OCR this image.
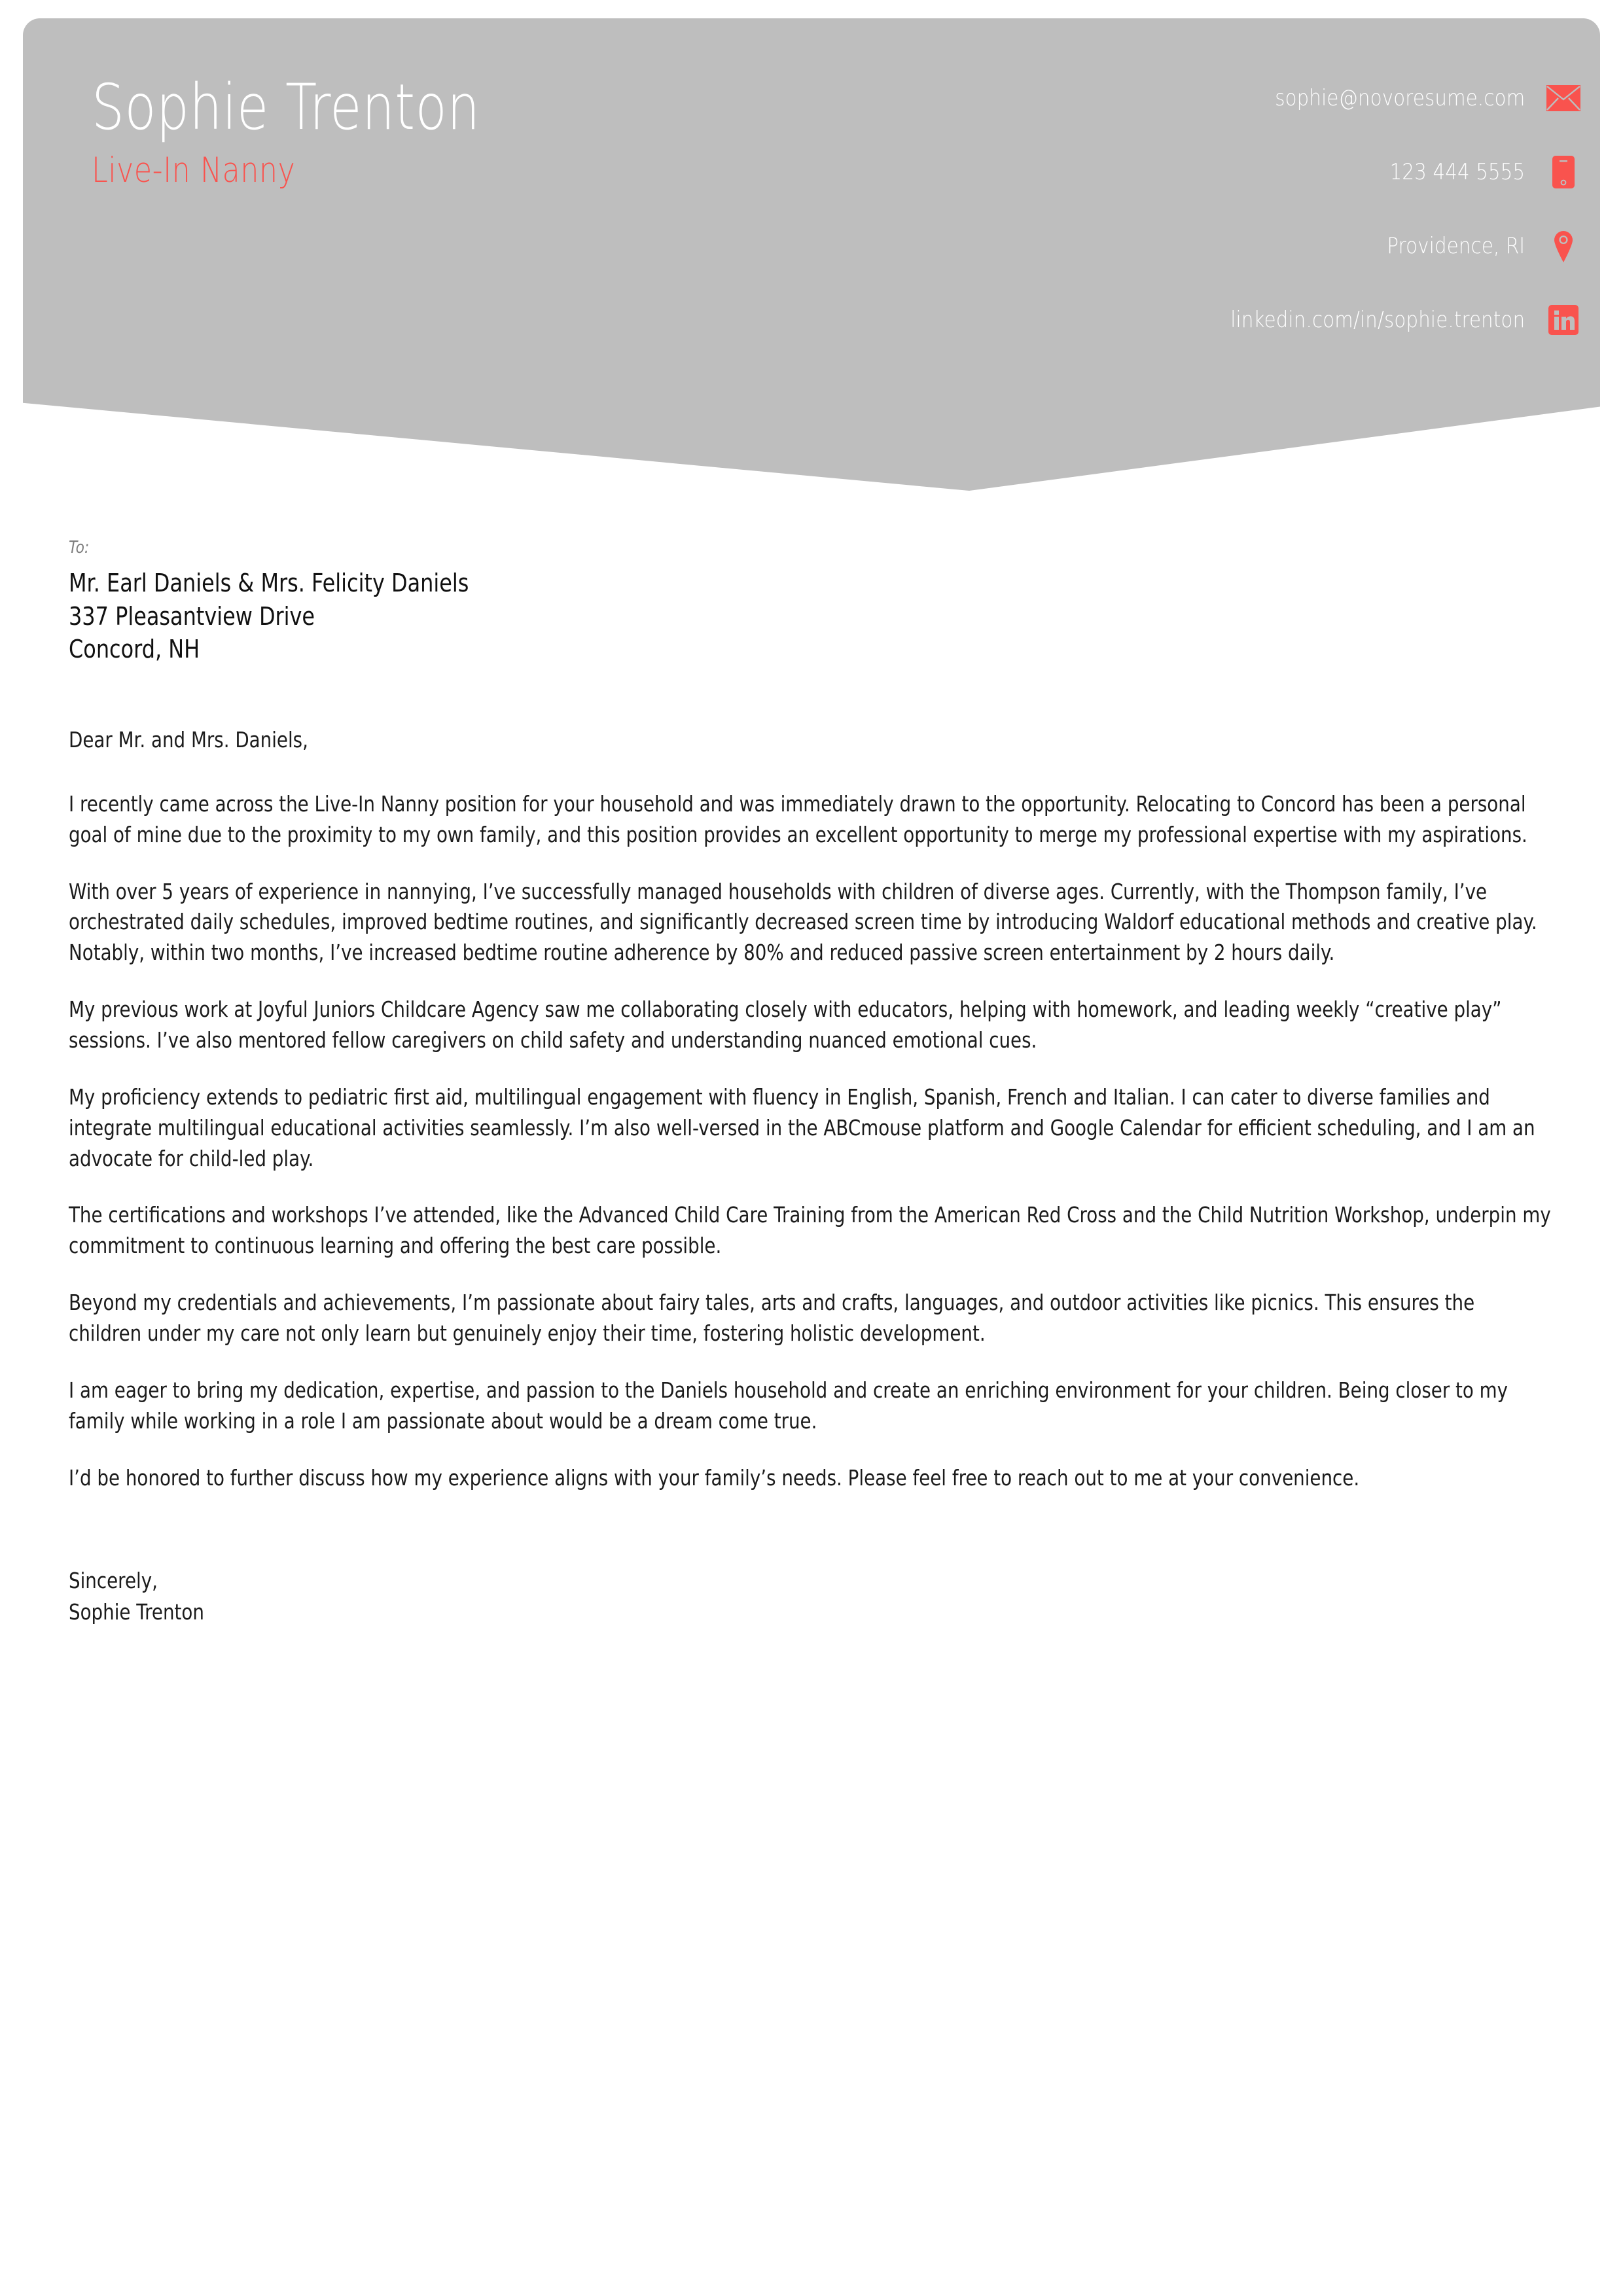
Sophie Trenton
Live-In Nanny
sophie@novoresume.com
123 444 5555
Providence, RI
linkedin.com/in/sophie.trenton
To:
Mr. Earl Daniels & Mrs. Felicity Daniels
337 Pleasantview Drive
Concord, NH
Dear Mr. and Mrs. Daniels,

I recently came across the Live-In Nanny position for your household and was immediately drawn to the opportunity. Relocating to Concord has been a personal goal of mine due to the proximity to my own family, and this position provides an excellent opportunity to merge my professional expertise with my aspirations.

With over 5 years of experience in nannying, I’ve successfully managed households with children of diverse ages. Currently, with the Thompson family, I’ve orchestrated daily schedules, improved bedtime routines, and significantly decreased screen time by introducing Waldorf educational methods and creative play. Notably, within two months, I’ve increased bedtime routine adherence by 80% and reduced passive screen entertainment by 2 hours daily.

My previous work at Joyful Juniors Childcare Agency saw me collaborating closely with educators, helping with homework, and leading weekly “creative play” sessions. I’ve also mentored fellow caregivers on child safety and understanding nuanced emotional cues.

My proficiency extends to pediatric first aid, multilingual engagement with fluency in English, Spanish, French and Italian. I can cater to diverse families and integrate multilingual educational activities seamlessly. I’m also well-versed in the ABCmouse platform and Google Calendar for efficient scheduling, and I am an advocate for child-led play.

The certifications and workshops I’ve attended, like the Advanced Child Care Training from the American Red Cross and the Child Nutrition Workshop, underpin my commitment to continuous learning and offering the best care possible.

Beyond my credentials and achievements, I’m passionate about fairy tales, arts and crafts, languages, and outdoor activities like picnics. This ensures the children under my care not only learn but genuinely enjoy their time, fostering holistic development.

I am eager to bring my dedication, expertise, and passion to the Daniels household and create an enriching environment for your children. Being closer to my family while working in a role I am passionate about would be a dream come true.

I’d be honored to further discuss how my experience aligns with your family’s needs. Please feel free to reach out to me at your convenience.

Sincerely,
Sophie Trenton
